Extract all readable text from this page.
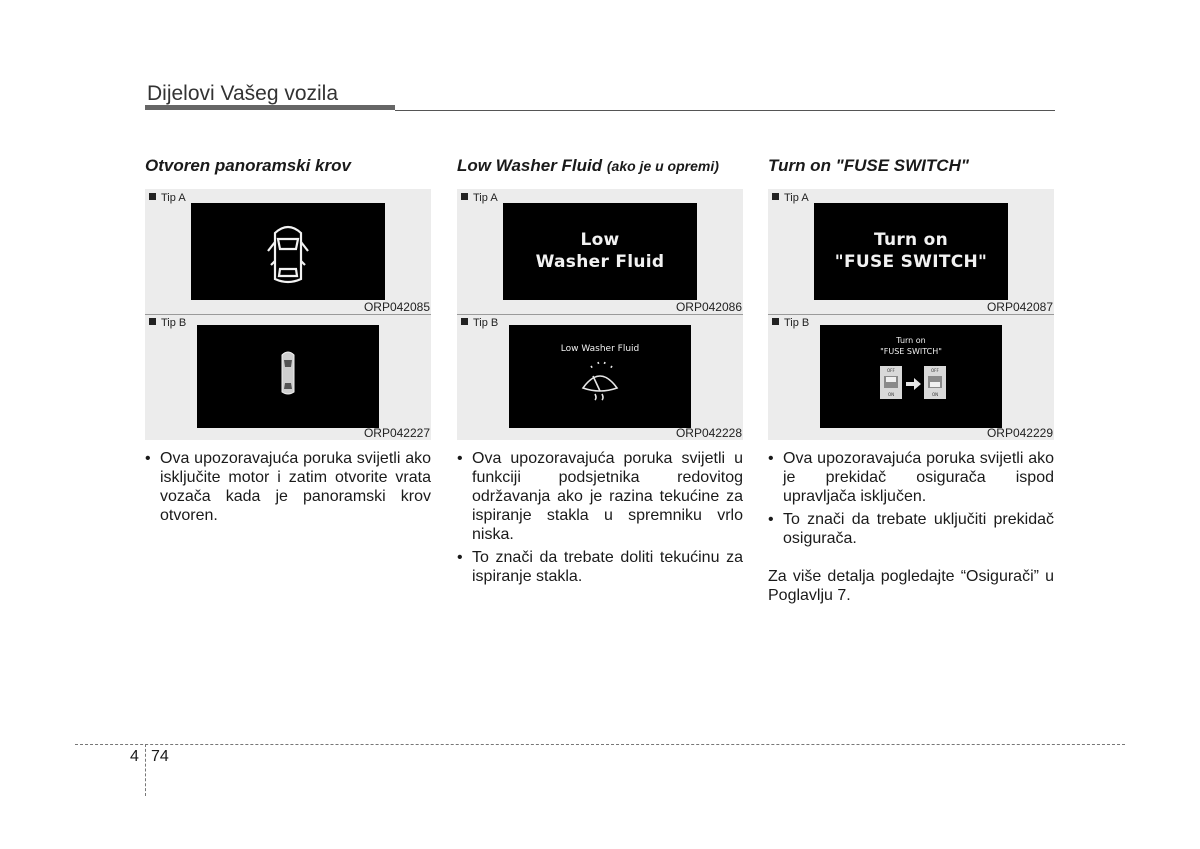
Dijelovi Vašeg vozila
Otvoren panoramski krov
Tip A
ORP042085
Tip B
ORP042227
• Ova upozoravajuća poruka svijetli ako isključite motor i zatim otvorite vrata vozača kada je panoramski krov otvoren.
Low Washer Fluid (ako je u opremi)
Tip A
Low
Washer Fluid
ORP042086
Tip B
Low Washer Fluid
ORP042228
• Ova upozoravajuća poruka svijetli u funkciji podsjetnika redovitog održavanja ako je razina tekućine za ispiranje stakla u spremniku vrlo niska.
• To znači da trebate doliti tekućinu za ispiranje stakla.
Turn on "FUSE SWITCH"
Tip A
Turn on
"FUSE SWITCH"
ORP042087
Tip B
Turn on
"FUSE SWITCH"
OFF
ON
OFF
ON
ORP042229
• Ova upozoravajuća poruka svijetli ako je prekidač osigurača ispod upravljača isključen.
• To znači da trebate uključiti prekidač osigurača.
Za više detalja pogledajte “Osigurači” u Poglavlju 7.
4 74
